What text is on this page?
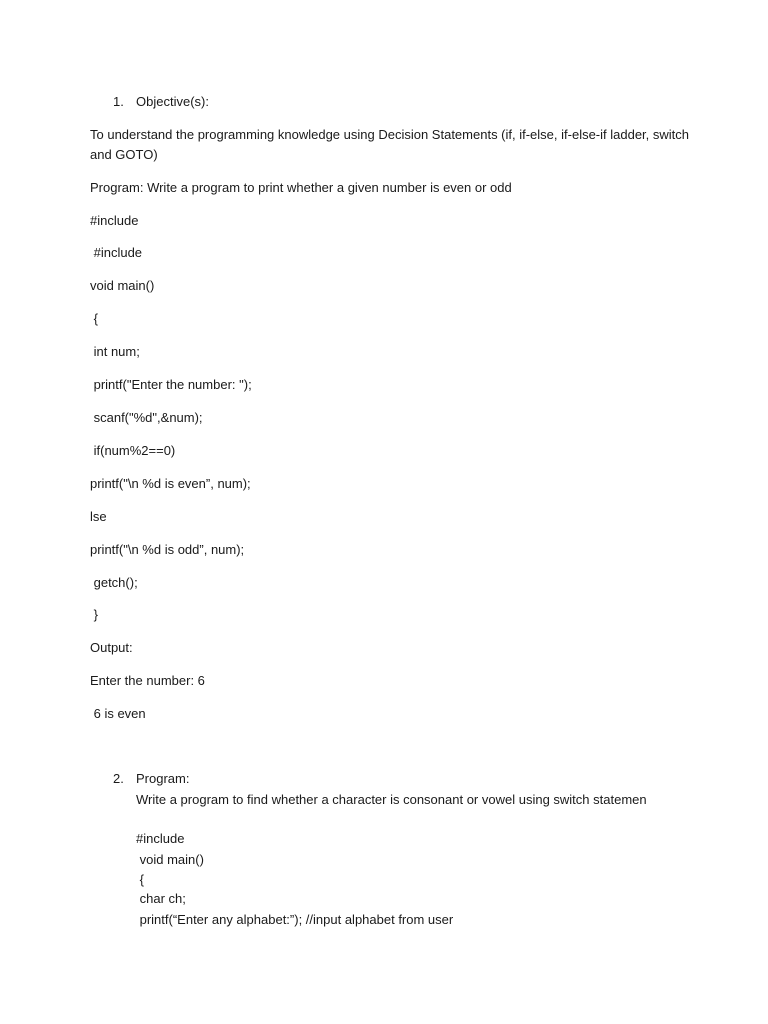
1. Objective(s):

To understand the programming knowledge using Decision Statements (if, if-else, if-else-if ladder, switch

and GOTO)

Program: Write a program to print whether a given number is even or odd

#include

#include

void main()

{

int num;

printf("Enter the number: ");

scanf("%d",&num);

if(num%2==0)

printf("\n %d is even”, num);

lse

printf("\n %d is odd”, num);

getch();

}

Output:

Enter the number: 6

6 is even

2. Program:

Write a program to find whether a character is consonant or vowel using switch statemen

#include

void main()

{

char ch;

printf(“Enter any alphabet:”); //input alphabet from user
